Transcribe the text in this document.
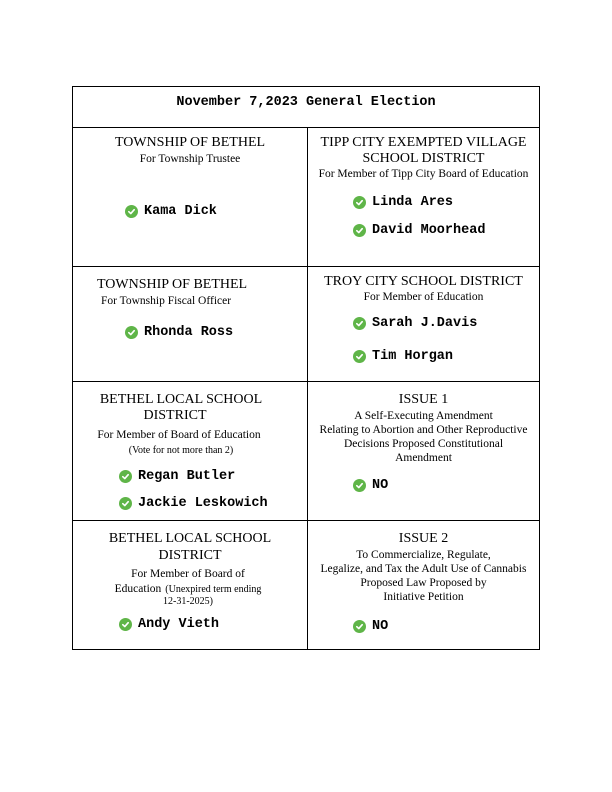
November 7,2023 General Election
TOWNSHIP OF BETHEL
For Township Trustee
Kama Dick
TIPP CITY EXEMPTED VILLAGE
SCHOOL DISTRICT
For Member of Tipp City Board of Education
Linda Ares
David Moorhead
TOWNSHIP OF BETHEL
For Township Fiscal Officer
Rhonda Ross
TROY CITY SCHOOL DISTRICT
For Member of Education
Sarah J.Davis
Tim Horgan
BETHEL LOCAL SCHOOL
DISTRICT
For Member of Board of Education
(Vote for not more than 2)
Regan Butler
Jackie Leskowich
ISSUE 1
A Self-Executing Amendment
Relating to Abortion and Other Reproductive
Decisions Proposed Constitutional
Amendment
NO
BETHEL LOCAL SCHOOL
DISTRICT
For Member of Board of
Education (Unexpired term ending
12-31-2025)
Andy Vieth
ISSUE 2
To Commercialize, Regulate,
Legalize, and Tax the Adult Use of Cannabis
Proposed Law Proposed by
Initiative Petition
NO
